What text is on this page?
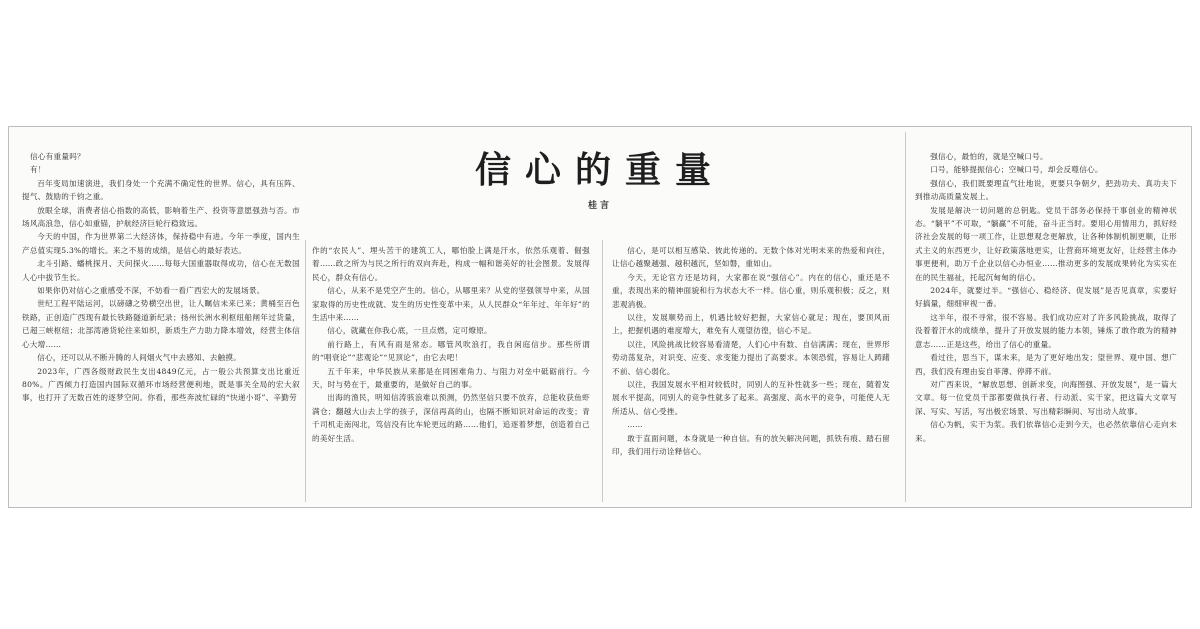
信心的重量
桂言

信心有重量吗？

有！

百年变局加速演进，我们身处一个充满不确定性的世界。信心，具有压阵、提气、鼓励的千钧之重。

放眼全球，消费者信心指数的高低，影响着生产、投资等意愿强劲与否。市场风高浪急，信心如重锚，护航经济巨轮行稳致远。

今天的中国，作为世界第二大经济体，保持稳中有进。今年一季度，国内生产总值实现5.3%的增长。来之不易的成绩，是信心的最好表达。

北斗引路、蟠桃探月、天问探火……每每大国重器取得成功，信心在无数国人心中拔节生长。

如果你仍对信心之重感受不深，不妨看一看广西宏大的发展场景。

世纪工程平陆运河，以磅礴之势横空出世，让人瞩信未来已来；黄桶至百色铁路，正创造广西现有最长铁路隧道新纪录；扬州长洲水利枢纽船闸年过货量，已超三峡枢纽；北部湾港货轮往来如织，新质生产力助力降本增效，经营主体信心大增……

信心，还可以从不断升腾的人间烟火气中去感知、去触摸。

2023年，广西各级财政民生支出4849亿元，占一般公共预算支出比重近80%。广西倾力打造国内国际双循环市场经营便利地，既是事关全局的宏大叙事，也打开了无数百姓的逐梦空间。你看，那些奔波忙碌的“快递小哥”、辛勤劳

作的“农民人”、埋头苦干的建筑工人，哪怕脸上满是汗水，依然乐观着、倔强着……政之所为与民之所行的双向奔赴，构成一幅和谐美好的社会图景。发展得民心，群众有信心。

信心，从来不是凭空产生的。信心，从哪里来？从党的坚强领导中来，从国家取得的历史性成就、发生的历史性变革中来，从人民群众“年年过、年年好”的生活中来……

信心，就藏在你我心底，一旦点燃，定可燎原。

前行路上，有风有雨是常态。哪管风吹浪打，我自闲庭信步。那些所谓的“唱衰论”“悲观论”“见顶论”，由它去吧！

五千年来，中华民族从来都是在同困难角力、与阻力对垒中砥砺前行。今天，时与势在于，最重要的，是做好自己的事。

出海的渔民，明知信涛骇浪难以预测，仍然坚信只要不放弃，总能收获鱼虾满仓；翻越大山去上学的孩子，深信再高的山，也隔不断知识对命运的改变；青千司机走南闯北，笃信没有比车轮更远的路……他们，追逐着梦想，创造着自己的美好生活。

信心，是可以相互感染、彼此传递的。无数个体对光明未来的热爱和向往，让信心越聚越强、越积越沉，坚如磐，重如山。

今天，无论官方还是坊间，大家都在说“强信心”。内在的信心，重还是不重，表现出来的精神面貌和行为状态大不一样。信心重，则乐观积极；反之，则悲观消极。

以往，发展顺势而上，机遇比较好把握，大家信心就足；现在，要顶风而上，把握机遇的难度增大，难免有人观望彷徨，信心不足。

以往，风险挑战比较容易看清楚，人们心中有数、自信满满；现在，世界形势动荡复杂，对识变、应变、求变能力提出了高要求。本领恐慌，容易让人踌躇不前、信心弱化。

以往，我国发展水平相对较低时，同别人的互补性就多一些；现在，随着发展水平提高，同别人的竞争性就多了起来。高强度、高水平的竞争，可能使人无所适从、信心受挫。

……

敢于直面问题，本身就是一种自信。有的放矢解决问题，抓铁有痕、踏石留印，我们用行动诠释信心。

强信心，最怕的，就是空喊口号。

口号，能够提振信心；空喊口号，却会反噬信心。

强信心，我们既要理直气壮地说，更要只争朝夕，把劲功夫、真功夫下到推动高质量发展上。

发展是解决一切问题的总钥匙。党员干部务必保持干事创业的精神状态。“躺平”不可取，“躺赢”不可能，奋斗正当时。要用心用情用力，抓好经济社会发展的每一项工作，让思想观念更解放，让各种体制机制更顺，让形式主义的东西更少，让好政策落地更实，让营商环境更友好，让经营主体办事更便利，助万千企业以信心办恒业……推动更多的发展成果转化为实实在在的民生福祉，托起沉甸甸的信心。

2024年，就要过半。“强信心、稳经济、促发展”是否见真章，实要好好搞量，细细审视一番。

这半年，很不寻常，很不容易。我们成功应对了许多风险挑战，取得了没着着汗水的成绩单，提升了开放发展的能力本领，锤炼了敢作敢为的精神意志……正是这些，给出了信心的重量。

看过往，思当下，谋未来，是为了更好地出发；望世界、观中国、想广西，我们没有理由妄自菲薄、停滞不前。

对广西来说，“解放思想、创新求变，向海图强、开放发展”，是一篇大文章。每一位党员干部都要做执行者、行动派、实干家，把这篇大文章写深、写实、写活，写出极宏场景、写出精彩瞬间、写出动人故事。

信心为帆，实干为浆。我们依靠信心走到今天，也必然依靠信心走向未来。
